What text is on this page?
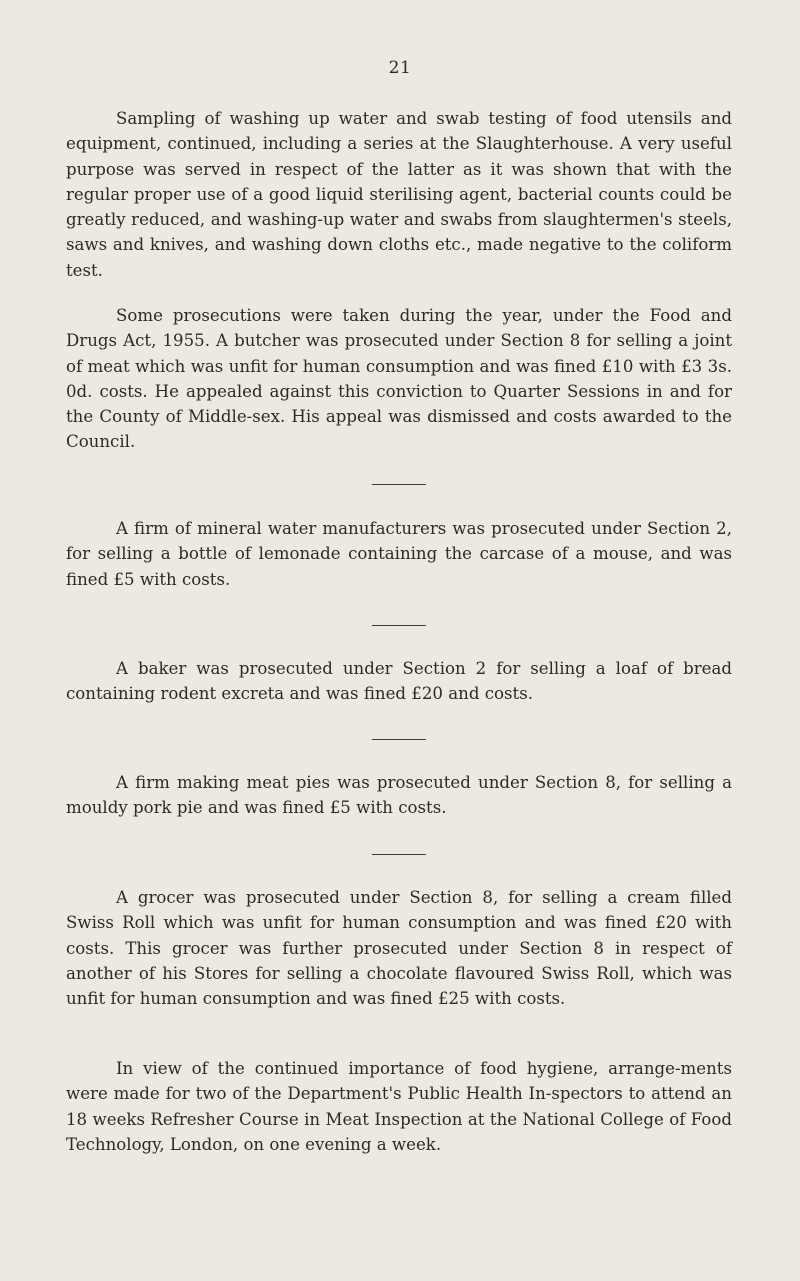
21

Sampling of washing up water and swab testing of food utensils and equipment, continued, including a series at the Slaughterhouse. A very useful purpose was served in respect of the latter as it was shown that with the regular proper use of a good liquid sterilising agent, bacterial counts could be greatly reduced, and washing-up water and swabs from slaughtermen's steels, saws and knives, and washing down cloths etc., made negative to the coliform test.

Some prosecutions were taken during the year, under the Food and Drugs Act, 1955. A butcher was prosecuted under Section 8 for selling a joint of meat which was unfit for human consumption and was fined £10 with £3 3s. 0d. costs. He appealed against this conviction to Quarter Sessions in and for the County of Middle-sex. His appeal was dismissed and costs awarded to the Council.

A firm of mineral water manufacturers was prosecuted under Section 2, for selling a bottle of lemonade containing the carcase of a mouse, and was fined £5 with costs.

A baker was prosecuted under Section 2 for selling a loaf of bread containing rodent excreta and was fined £20 and costs.

A firm making meat pies was prosecuted under Section 8, for selling a mouldy pork pie and was fined £5 with costs.

A grocer was prosecuted under Section 8, for selling a cream filled Swiss Roll which was unfit for human consumption and was fined £20 with costs. This grocer was further prosecuted under Section 8 in respect of another of his Stores for selling a chocolate flavoured Swiss Roll, which was unfit for human consumption and was fined £25 with costs.

In view of the continued importance of food hygiene, arrange-ments were made for two of the Department's Public Health In-spectors to attend an 18 weeks Refresher Course in Meat Inspection at the National College of Food Technology, London, on one evening a week.
